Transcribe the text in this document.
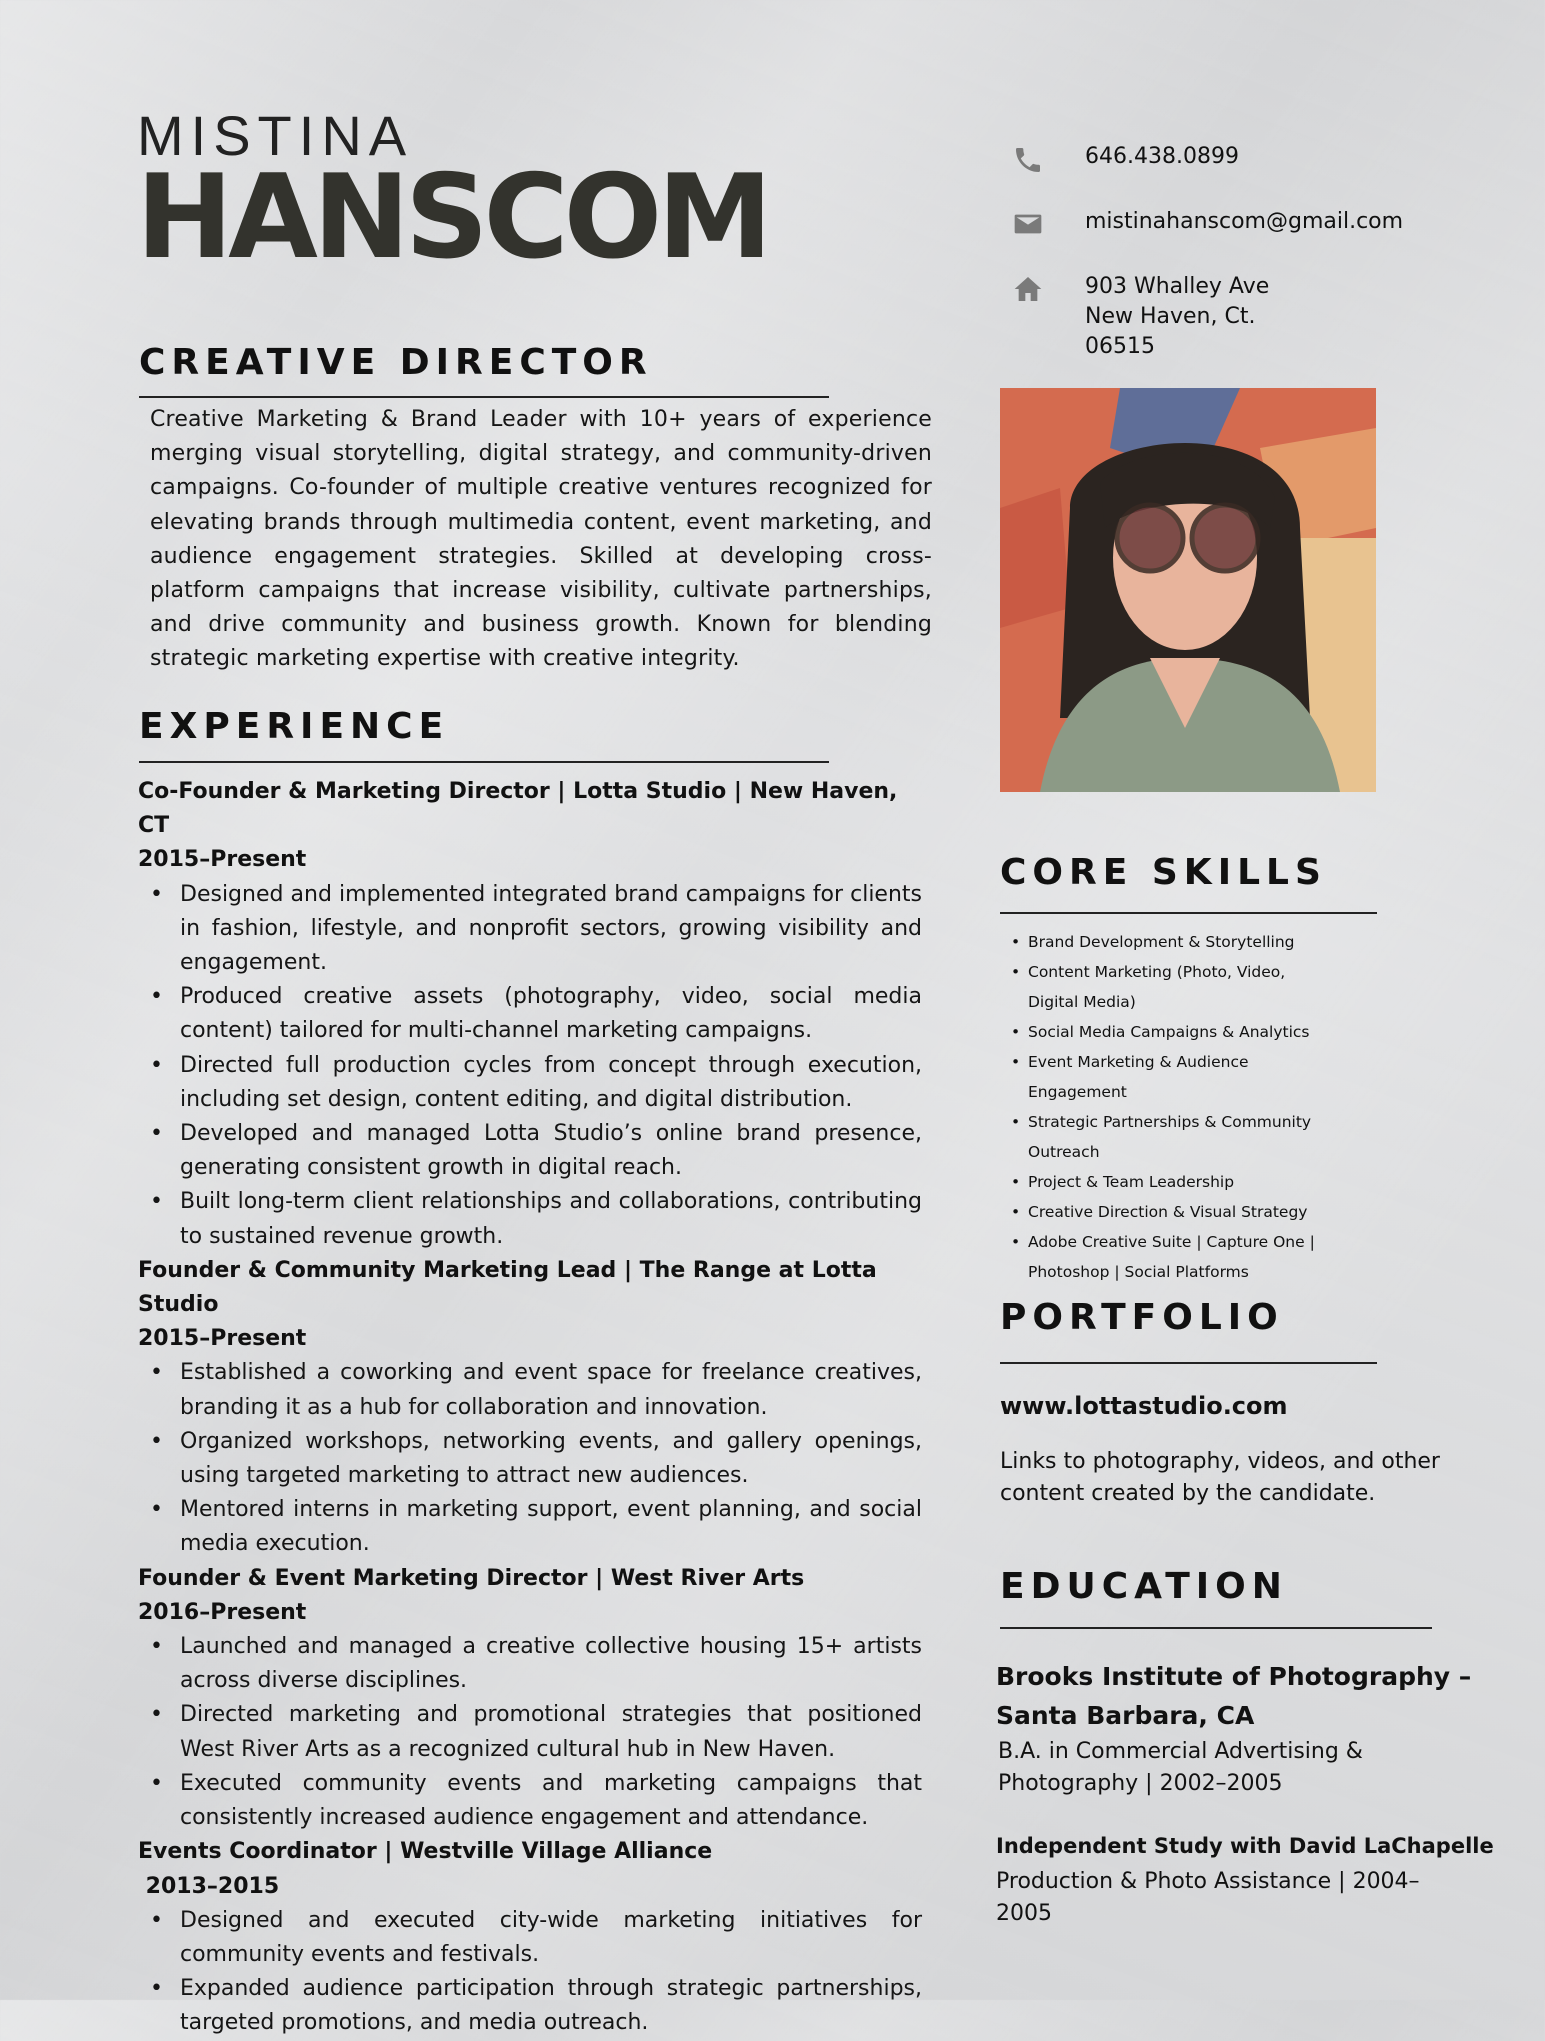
MISTINA
HANSCOM	646.438.0899
mistinahanscom@gmail.com
903 Whalley Ave
New Haven, Ct.
06515
CREATIVE DIRECTOR
Creative Marketing & Brand Leader with 10+ years of experience merging visual storytelling, digital strategy, and community-driven campaigns. Co-founder of multiple creative ventures recognized for elevating brands through multimedia content, event marketing, and audience engagement strategies. Skilled at developing cross-platform campaigns that increase visibility, cultivate partnerships, and drive community and business growth. Known for blending strategic marketing expertise with creative integrity.
EXPERIENCE
Co-Founder & Marketing Director | Lotta Studio | New Haven, CT
2015–Present
• Designed and implemented integrated brand campaigns for clients in fashion, lifestyle, and nonprofit sectors, growing visibility and engagement.
• Produced creative assets (photography, video, social media content) tailored for multi-channel marketing campaigns.
• Directed full production cycles from concept through execution, including set design, content editing, and digital distribution.
• Developed and managed Lotta Studio’s online brand presence, generating consistent growth in digital reach.
• Built long-term client relationships and collaborations, contributing to sustained revenue growth.
Founder & Community Marketing Lead | The Range at Lotta Studio
2015–Present
• Established a coworking and event space for freelance creatives, branding it as a hub for collaboration and innovation.
• Organized workshops, networking events, and gallery openings, using targeted marketing to attract new audiences.
• Mentored interns in marketing support, event planning, and social media execution.
Founder & Event Marketing Director | West River Arts
2016–Present
• Launched and managed a creative collective housing 15+ artists across diverse disciplines.
• Directed marketing and promotional strategies that positioned West River Arts as a recognized cultural hub in New Haven.
• Executed community events and marketing campaigns that consistently increased audience engagement and attendance.
Events Coordinator | Westville Village Alliance
2013–2015
• Designed and executed city-wide marketing initiatives for community events and festivals.
• Expanded audience participation through strategic partnerships, targeted promotions, and media outreach.
CORE SKILLS
• Brand Development & Storytelling
• Content Marketing (Photo, Video, Digital Media)
• Social Media Campaigns & Analytics
• Event Marketing & Audience Engagement
• Strategic Partnerships & Community Outreach
• Project & Team Leadership
• Creative Direction & Visual Strategy
• Adobe Creative Suite | Capture One | Photoshop | Social Platforms
PORTFOLIO
www.lottastudio.com
Links to photography, videos, and other content created by the candidate.
EDUCATION
Brooks Institute of Photography – Santa Barbara, CA
B.A. in Commercial Advertising & Photography | 2002–2005
Independent Study with David LaChapelle
Production & Photo Assistance | 2004–2005
